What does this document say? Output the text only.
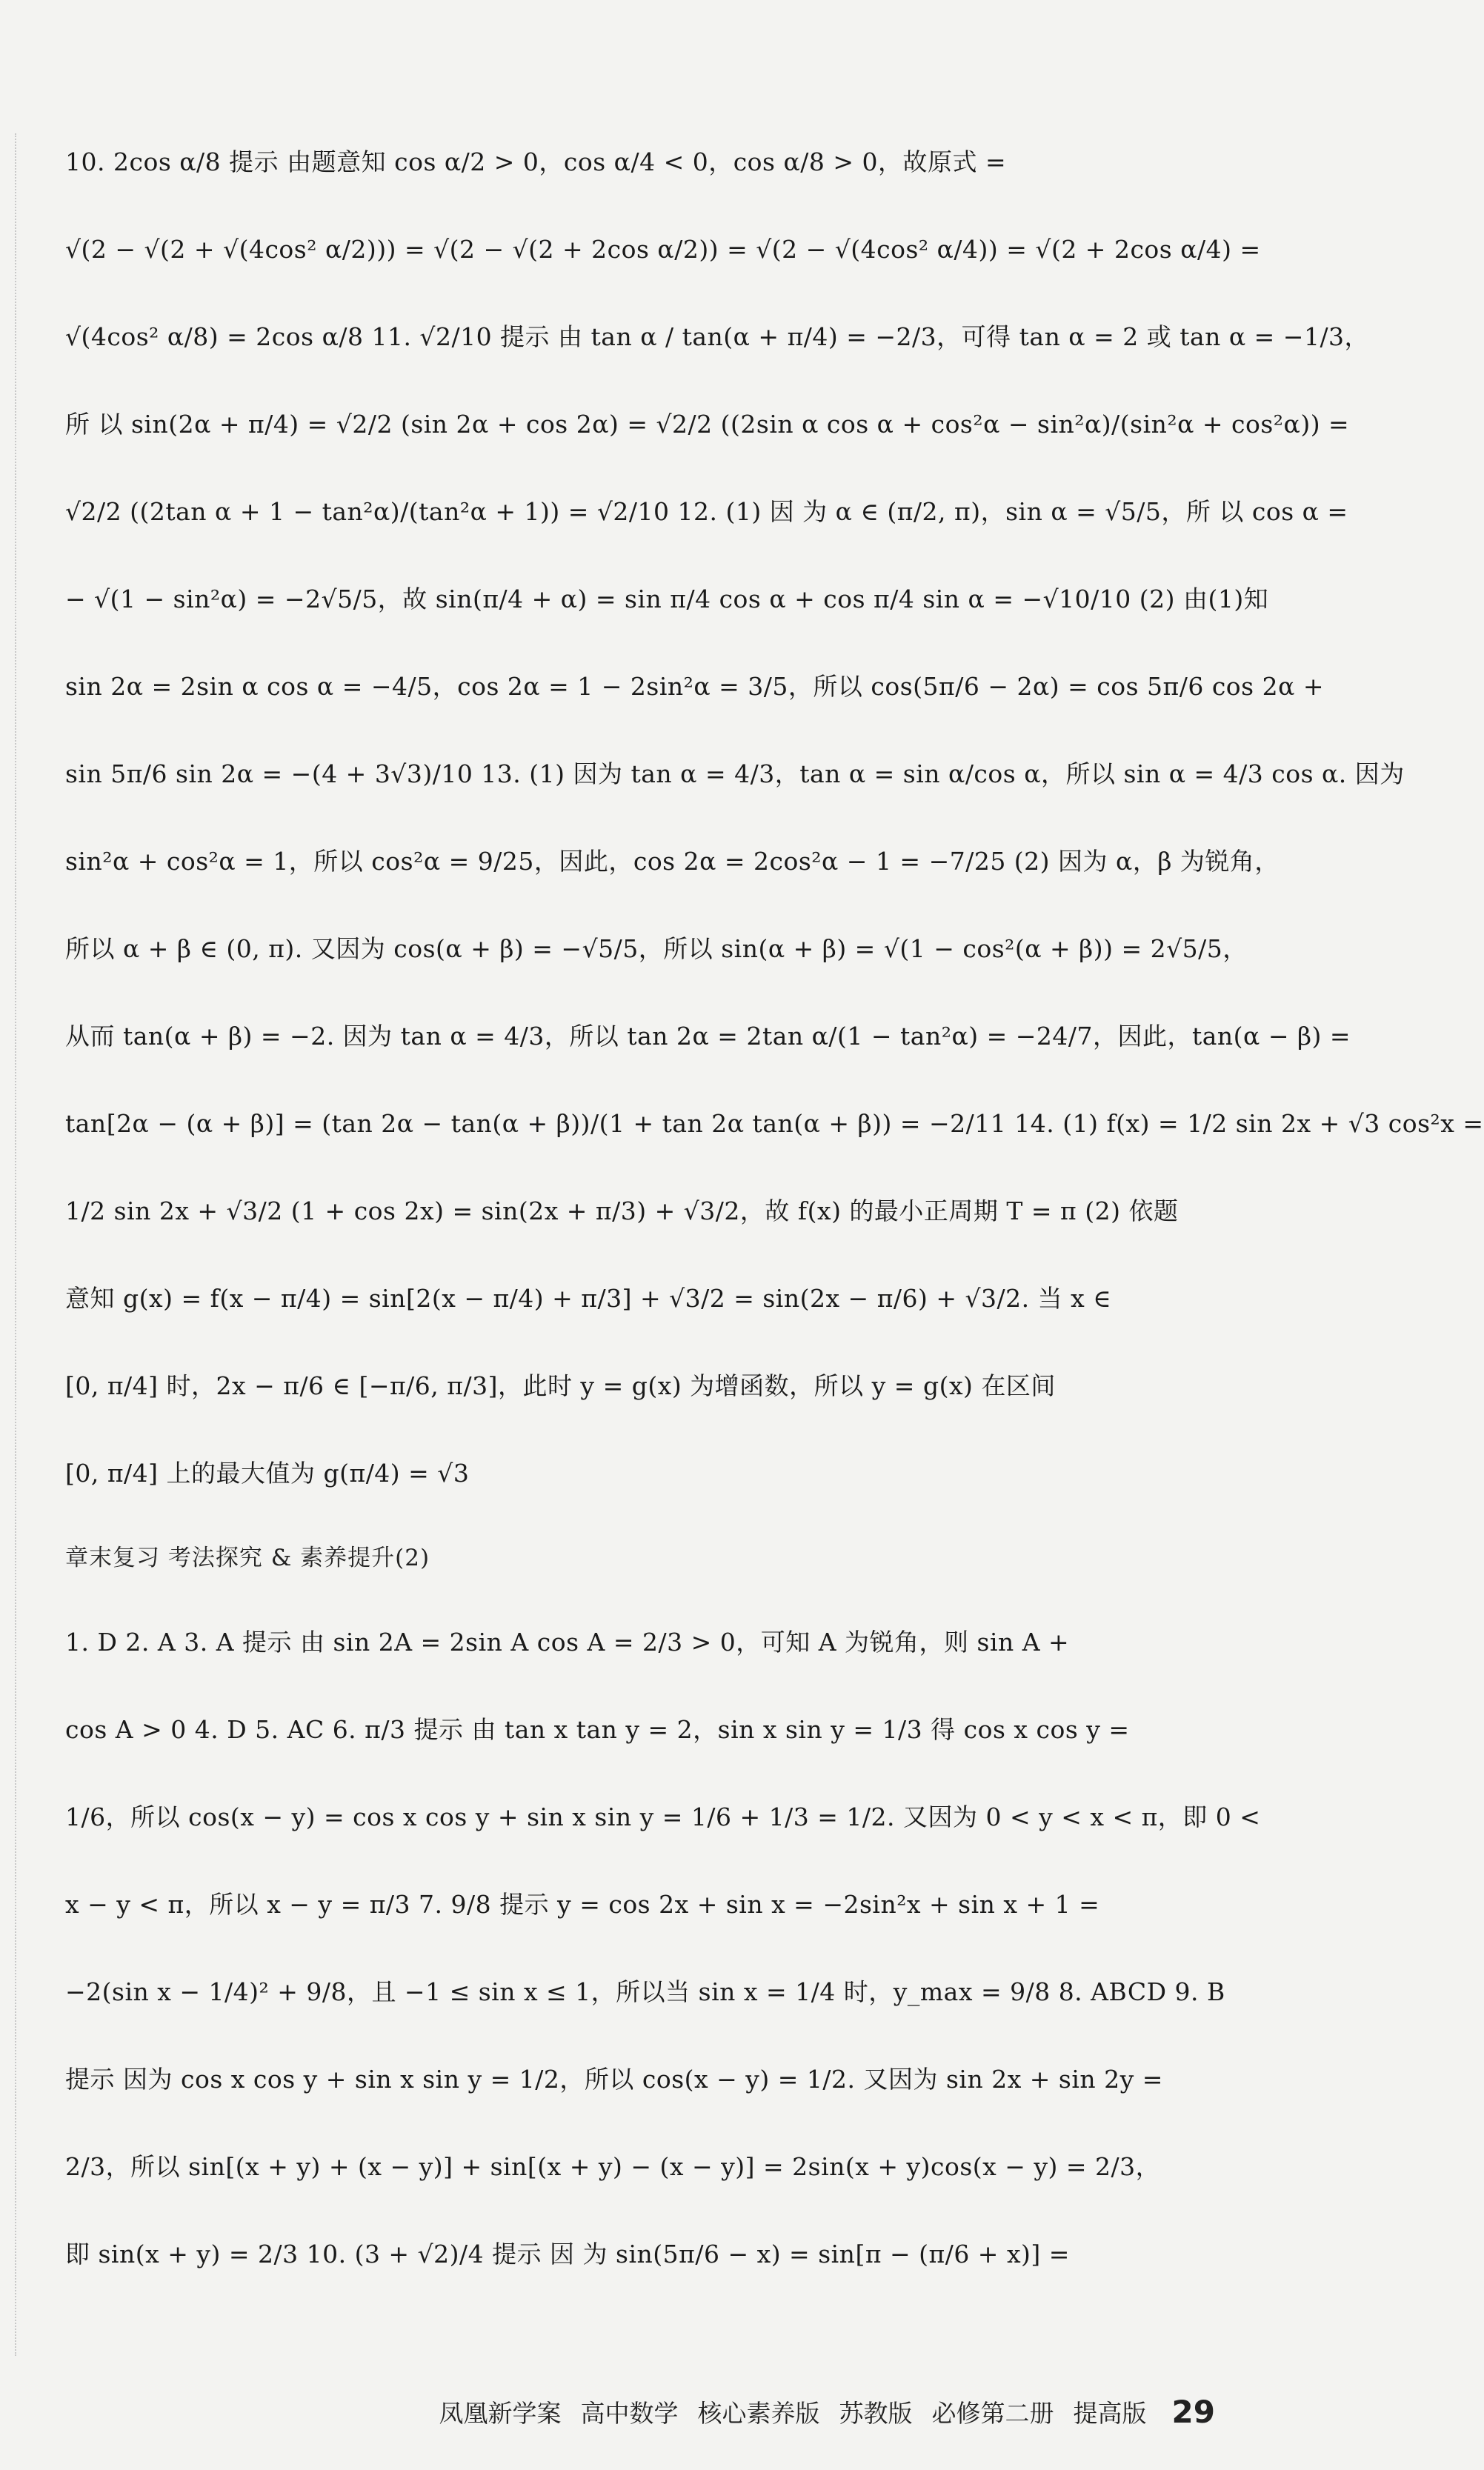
10. 2cos α/8 提示 由题意知 cos α/2 > 0，cos α/4 < 0，cos α/8 > 0，故原式 =
√(2 − √(2 + √(4cos² α/2))) = √(2 − √(2 + 2cos α/2)) = √(2 − √(4cos² α/4)) = √(2 + 2cos α/4) =
√(4cos² α/8) = 2cos α/8 11. √2/10 提示 由 tan α / tan(α + π/4) = −2/3，可得 tan α = 2 或 tan α = −1/3，
所 以 sin(2α + π/4) = √2/2 (sin 2α + cos 2α) = √2/2 ((2sin α cos α + cos²α − sin²α)/(sin²α + cos²α)) =
√2/2 ((2tan α + 1 − tan²α)/(tan²α + 1)) = √2/10 12. (1) 因 为 α ∈ (π/2, π)，sin α = √5/5，所 以 cos α =
− √(1 − sin²α) = −2√5/5，故 sin(π/4 + α) = sin π/4 cos α + cos π/4 sin α = −√10/10 (2) 由(1)知
sin 2α = 2sin α cos α = −4/5，cos 2α = 1 − 2sin²α = 3/5，所以 cos(5π/6 − 2α) = cos 5π/6 cos 2α +
sin 5π/6 sin 2α = −(4 + 3√3)/10 13. (1) 因为 tan α = 4/3，tan α = sin α/cos α，所以 sin α = 4/3 cos α. 因为
sin²α + cos²α = 1，所以 cos²α = 9/25，因此，cos 2α = 2cos²α − 1 = −7/25 (2) 因为 α，β 为锐角，
所以 α + β ∈ (0, π). 又因为 cos(α + β) = −√5/5，所以 sin(α + β) = √(1 − cos²(α + β)) = 2√5/5，
从而 tan(α + β) = −2. 因为 tan α = 4/3，所以 tan 2α = 2tan α/(1 − tan²α) = −24/7，因此，tan(α − β) =
tan[2α − (α + β)] = (tan 2α − tan(α + β))/(1 + tan 2α tan(α + β)) = −2/11 14. (1) f(x) = 1/2 sin 2x + √3 cos²x =
1/2 sin 2x + √3/2 (1 + cos 2x) = sin(2x + π/3) + √3/2，故 f(x) 的最小正周期 T = π (2) 依题
意知 g(x) = f(x − π/4) = sin[2(x − π/4) + π/3] + √3/2 = sin(2x − π/6) + √3/2. 当 x ∈
[0, π/4] 时，2x − π/6 ∈ [−π/6, π/3]，此时 y = g(x) 为增函数，所以 y = g(x) 在区间
[0, π/4] 上的最大值为 g(π/4) = √3
章末复习 考法探究 & 素养提升(2)
1. D 2. A 3. A 提示 由 sin 2A = 2sin A cos A = 2/3 > 0，可知 A 为锐角，则 sin A +
cos A > 0 4. D 5. AC 6. π/3 提示 由 tan x tan y = 2，sin x sin y = 1/3 得 cos x cos y =
1/6，所以 cos(x − y) = cos x cos y + sin x sin y = 1/6 + 1/3 = 1/2. 又因为 0 < y < x < π，即 0 <
x − y < π，所以 x − y = π/3 7. 9/8 提示 y = cos 2x + sin x = −2sin²x + sin x + 1 =
−2(sin x − 1/4)² + 9/8，且 −1 ≤ sin x ≤ 1，所以当 sin x = 1/4 时，y_max = 9/8 8. ABCD 9. B
提示 因为 cos x cos y + sin x sin y = 1/2，所以 cos(x − y) = 1/2. 又因为 sin 2x + sin 2y =
2/3，所以 sin[(x + y) + (x − y)] + sin[(x + y) − (x − y)] = 2sin(x + y)cos(x − y) = 2/3，
即 sin(x + y) = 2/3 10. (3 + √2)/4 提示 因 为 sin(5π/6 − x) = sin[π − (π/6 + x)] =
凤凰新学案 高中数学 核心素养版 苏教版 必修第二册 提高版 29
